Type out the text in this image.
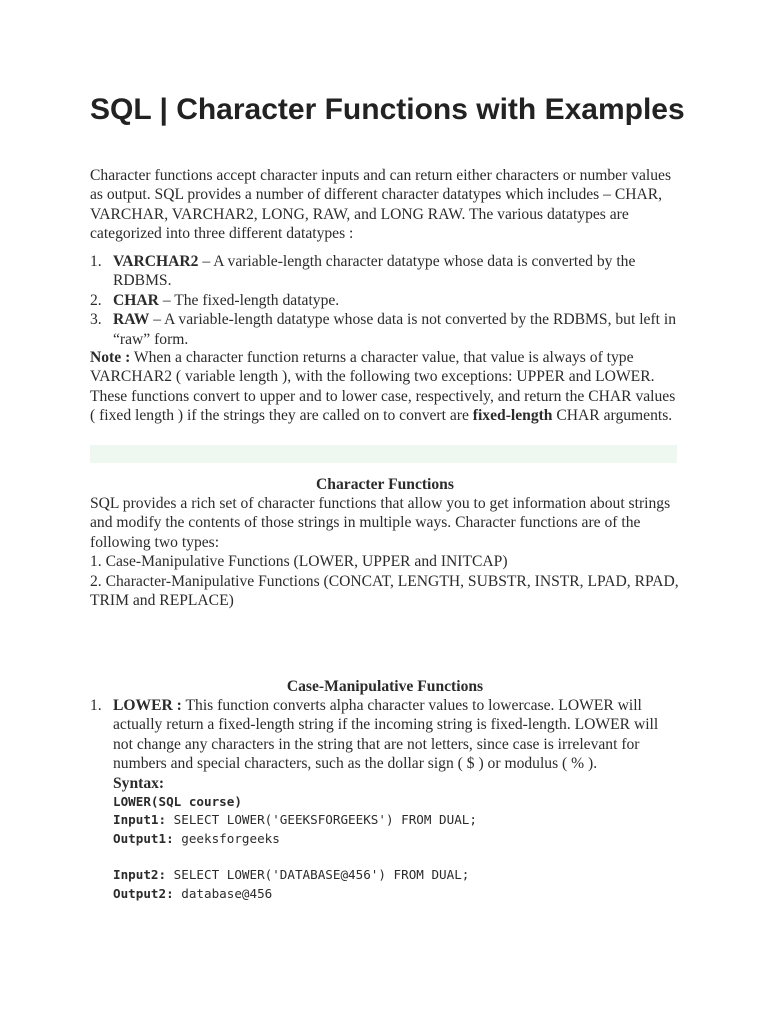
SQL | Character Functions with Examples

Character functions accept character inputs and can return either characters or number values as output. SQL provides a number of different character datatypes which includes – CHAR, VARCHAR, VARCHAR2, LONG, RAW, and LONG RAW. The various datatypes are categorized into three different datatypes :

1. VARCHAR2 – A variable-length character datatype whose data is converted by the RDBMS.
2. CHAR – The fixed-length datatype.
3. RAW – A variable-length datatype whose data is not converted by the RDBMS, but left in “raw” form.

Note : When a character function returns a character value, that value is always of type VARCHAR2 ( variable length ), with the following two exceptions: UPPER and LOWER. These functions convert to upper and to lower case, respectively, and return the CHAR values ( fixed length ) if the strings they are called on to convert are fixed-length CHAR arguments.

Character Functions
SQL provides a rich set of character functions that allow you to get information about strings and modify the contents of those strings in multiple ways. Character functions are of the following two types:
1. Case-Manipulative Functions (LOWER, UPPER and INITCAP)
2. Character-Manipulative Functions (CONCAT, LENGTH, SUBSTR, INSTR, LPAD, RPAD, TRIM and REPLACE)
Case-Manipulative Functions
1. LOWER : This function converts alpha character values to lowercase. LOWER will actually return a fixed-length string if the incoming string is fixed-length. LOWER will not change any characters in the string that are not letters, since case is irrelevant for numbers and special characters, such as the dollar sign ( $ ) or modulus ( % ).
Syntax:
LOWER(SQL course)
Input1: SELECT LOWER('GEEKSFORGEEKS') FROM DUAL;
Output1: geeksforgeeks

Input2: SELECT LOWER('DATABASE@456') FROM DUAL;
Output2: database@456
